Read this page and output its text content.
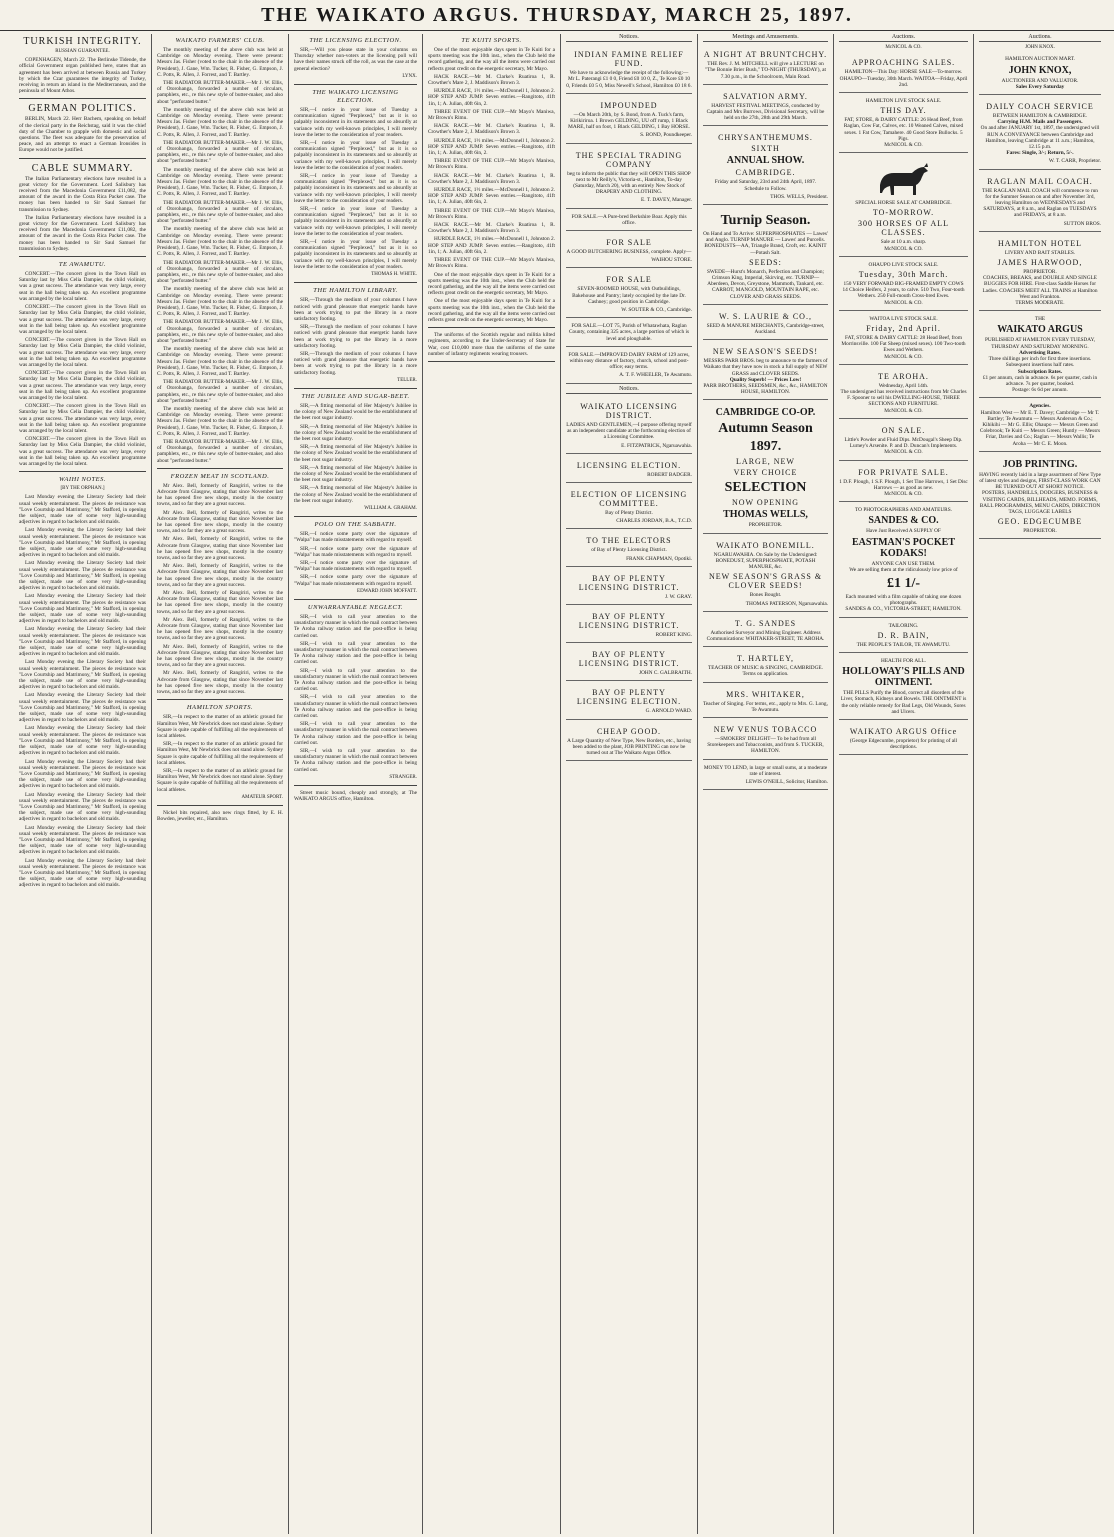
THE WAIKATO ARGUS. THURSDAY, MARCH 25, 1897.
TURKISH INTEGRITY.
RUSSIAN GUARANTEE.

COPENHAGEN, March 22. The Berlinske Tidende, the official Government organ published here, states that an agreement has been arrived at between Russia and Turkey by which the Czar guarantees the integrity of Turkey, receiving in return an island in the Mediterranean, and the peninsula of Mount Athos.

GERMAN POLITICS.

BERLIN, March 22. Herr Bachem, speaking on behalf of the clerical party in the Reichstag, said it was the chief duty of the Chamber to grapple with domestic and social questions. The fleet was adequate for the preservation of peace, and an attempt to enact a German Ironsides in Europe would not be justified.

CABLE SUMMARY.

The Italian Parliamentary elections have resulted in a great victory for the Government. Lord Salisbury has received from the Macedonia Government £11,082, the amount of the award in the Costa Rica Packet case. The money has been handed to Sir Saul Samuel for transmission to Sydney.

The Italian Parliamentary elections have resulted in a great victory for the Government. Lord Salisbury has received from the Macedonia Government £11,082, the amount of the award in the Costa Rica Packet case. The money has been handed to Sir Saul Samuel for transmission to Sydney.

TE AWAMUTU.

CONCERT.—The concert given in the Town Hall on Saturday last by Miss Celia Dampier, the child violinist, was a great success. The attendance was very large, every seat in the hall being taken up. An excellent programme was arranged by the local talent.

CONCERT.—The concert given in the Town Hall on Saturday last by Miss Celia Dampier, the child violinist, was a great success. The attendance was very large, every seat in the hall being taken up. An excellent programme was arranged by the local talent.

CONCERT.—The concert given in the Town Hall on Saturday last by Miss Celia Dampier, the child violinist, was a great success. The attendance was very large, every seat in the hall being taken up. An excellent programme was arranged by the local talent.

CONCERT.—The concert given in the Town Hall on Saturday last by Miss Celia Dampier, the child violinist, was a great success. The attendance was very large, every seat in the hall being taken up. An excellent programme was arranged by the local talent.

CONCERT.—The concert given in the Town Hall on Saturday last by Miss Celia Dampier, the child violinist, was a great success. The attendance was very large, every seat in the hall being taken up. An excellent programme was arranged by the local talent.

CONCERT.—The concert given in the Town Hall on Saturday last by Miss Celia Dampier, the child violinist, was a great success. The attendance was very large, every seat in the hall being taken up. An excellent programme was arranged by the local talent.

WAIHI NOTES.
[BY THE ORPHAN.]

Last Monday evening the Literary Society had their usual weekly entertainment. The pieces de resistance was "Love Courtship and Matrimony," Mr Stafford, in opening the subject, made use of some very high-sounding adjectives in regard to bachelors and old maids.

Last Monday evening the Literary Society had their usual weekly entertainment. The pieces de resistance was "Love Courtship and Matrimony," Mr Stafford, in opening the subject, made use of some very high-sounding adjectives in regard to bachelors and old maids.

Last Monday evening the Literary Society had their usual weekly entertainment. The pieces de resistance was "Love Courtship and Matrimony," Mr Stafford, in opening the subject, made use of some very high-sounding adjectives in regard to bachelors and old maids.

Last Monday evening the Literary Society had their usual weekly entertainment. The pieces de resistance was "Love Courtship and Matrimony," Mr Stafford, in opening the subject, made use of some very high-sounding adjectives in regard to bachelors and old maids.

Last Monday evening the Literary Society had their usual weekly entertainment. The pieces de resistance was "Love Courtship and Matrimony," Mr Stafford, in opening the subject, made use of some very high-sounding adjectives in regard to bachelors and old maids.

Last Monday evening the Literary Society had their usual weekly entertainment. The pieces de resistance was "Love Courtship and Matrimony," Mr Stafford, in opening the subject, made use of some very high-sounding adjectives in regard to bachelors and old maids.

Last Monday evening the Literary Society had their usual weekly entertainment. The pieces de resistance was "Love Courtship and Matrimony," Mr Stafford, in opening the subject, made use of some very high-sounding adjectives in regard to bachelors and old maids.

Last Monday evening the Literary Society had their usual weekly entertainment. The pieces de resistance was "Love Courtship and Matrimony," Mr Stafford, in opening the subject, made use of some very high-sounding adjectives in regard to bachelors and old maids.

Last Monday evening the Literary Society had their usual weekly entertainment. The pieces de resistance was "Love Courtship and Matrimony," Mr Stafford, in opening the subject, made use of some very high-sounding adjectives in regard to bachelors and old maids.

Last Monday evening the Literary Society had their usual weekly entertainment. The pieces de resistance was "Love Courtship and Matrimony," Mr Stafford, in opening the subject, made use of some very high-sounding adjectives in regard to bachelors and old maids.

Last Monday evening the Literary Society had their usual weekly entertainment. The pieces de resistance was "Love Courtship and Matrimony," Mr Stafford, in opening the subject, made use of some very high-sounding adjectives in regard to bachelors and old maids.

Last Monday evening the Literary Society had their usual weekly entertainment. The pieces de resistance was "Love Courtship and Matrimony," Mr Stafford, in opening the subject, made use of some very high-sounding adjectives in regard to bachelors and old maids.

WAIKATO FARMERS' CLUB.

The monthly meeting of the above club was held at Cambridge on Monday evening. There were present: Messrs Jas. Fisher (voted to the chair in the absence of the President), J. Gane, Wm. Tucker, R. Fisher, G. Empson, J. C. Potts, R. Allen, J. Forrest, and T. Bartley.

THE RADIATOR BUTTER-MAKER.—Mr J. W. Ellis, of Otorohanga, forwarded a number of circulars, pamphlets, etc., re this new style of butter-maker, and also about "perforated butter."

The monthly meeting of the above club was held at Cambridge on Monday evening. There were present: Messrs Jas. Fisher (voted to the chair in the absence of the President), J. Gane, Wm. Tucker, R. Fisher, G. Empson, J. C. Potts, R. Allen, J. Forrest, and T. Bartley.

THE RADIATOR BUTTER-MAKER.—Mr J. W. Ellis, of Otorohanga, forwarded a number of circulars, pamphlets, etc., re this new style of butter-maker, and also about "perforated butter."

The monthly meeting of the above club was held at Cambridge on Monday evening. There were present: Messrs Jas. Fisher (voted to the chair in the absence of the President), J. Gane, Wm. Tucker, R. Fisher, G. Empson, J. C. Potts, R. Allen, J. Forrest, and T. Bartley.

THE RADIATOR BUTTER-MAKER.—Mr J. W. Ellis, of Otorohanga, forwarded a number of circulars, pamphlets, etc., re this new style of butter-maker, and also about "perforated butter."

The monthly meeting of the above club was held at Cambridge on Monday evening. There were present: Messrs Jas. Fisher (voted to the chair in the absence of the President), J. Gane, Wm. Tucker, R. Fisher, G. Empson, J. C. Potts, R. Allen, J. Forrest, and T. Bartley.

THE RADIATOR BUTTER-MAKER.—Mr J. W. Ellis, of Otorohanga, forwarded a number of circulars, pamphlets, etc., re this new style of butter-maker, and also about "perforated butter."

The monthly meeting of the above club was held at Cambridge on Monday evening. There were present: Messrs Jas. Fisher (voted to the chair in the absence of the President), J. Gane, Wm. Tucker, R. Fisher, G. Empson, J. C. Potts, R. Allen, J. Forrest, and T. Bartley.

THE RADIATOR BUTTER-MAKER.—Mr J. W. Ellis, of Otorohanga, forwarded a number of circulars, pamphlets, etc., re this new style of butter-maker, and also about "perforated butter."

The monthly meeting of the above club was held at Cambridge on Monday evening. There were present: Messrs Jas. Fisher (voted to the chair in the absence of the President), J. Gane, Wm. Tucker, R. Fisher, G. Empson, J. C. Potts, R. Allen, J. Forrest, and T. Bartley.

THE RADIATOR BUTTER-MAKER.—Mr J. W. Ellis, of Otorohanga, forwarded a number of circulars, pamphlets, etc., re this new style of butter-maker, and also about "perforated butter."

The monthly meeting of the above club was held at Cambridge on Monday evening. There were present: Messrs Jas. Fisher (voted to the chair in the absence of the President), J. Gane, Wm. Tucker, R. Fisher, G. Empson, J. C. Potts, R. Allen, J. Forrest, and T. Bartley.

THE RADIATOR BUTTER-MAKER.—Mr J. W. Ellis, of Otorohanga, forwarded a number of circulars, pamphlets, etc., re this new style of butter-maker, and also about "perforated butter."

FROZEN MEAT IN SCOTLAND.

Mr Alex. Bell, formerly of Rangiriri, writes to the Advocate from Glasgow, stating that since November last he has opened five new shops, mostly in the country towns, and so far they are a great success.

Mr Alex. Bell, formerly of Rangiriri, writes to the Advocate from Glasgow, stating that since November last he has opened five new shops, mostly in the country towns, and so far they are a great success.

Mr Alex. Bell, formerly of Rangiriri, writes to the Advocate from Glasgow, stating that since November last he has opened five new shops, mostly in the country towns, and so far they are a great success.

Mr Alex. Bell, formerly of Rangiriri, writes to the Advocate from Glasgow, stating that since November last he has opened five new shops, mostly in the country towns, and so far they are a great success.

Mr Alex. Bell, formerly of Rangiriri, writes to the Advocate from Glasgow, stating that since November last he has opened five new shops, mostly in the country towns, and so far they are a great success.

Mr Alex. Bell, formerly of Rangiriri, writes to the Advocate from Glasgow, stating that since November last he has opened five new shops, mostly in the country towns, and so far they are a great success.

Mr Alex. Bell, formerly of Rangiriri, writes to the Advocate from Glasgow, stating that since November last he has opened five new shops, mostly in the country towns, and so far they are a great success.

Mr Alex. Bell, formerly of Rangiriri, writes to the Advocate from Glasgow, stating that since November last he has opened five new shops, mostly in the country towns, and so far they are a great success.

HAMILTON SPORTS.

SIR,—In respect to the matter of an athletic ground for Hamilton West, Mr Newbrick does not stand alone. Sydney Square is quite capable of fulfilling all the requirements of local athletes.

SIR,—In respect to the matter of an athletic ground for Hamilton West, Mr Newbrick does not stand alone. Sydney Square is quite capable of fulfilling all the requirements of local athletes.

SIR,—In respect to the matter of an athletic ground for Hamilton West, Mr Newbrick does not stand alone. Sydney Square is quite capable of fulfilling all the requirements of local athletes.

AMATEUR SPORT.

Nickel bits repaired, also new rings fitted, by E. H. Bowden, jeweller, etc., Hamilton.

THE LICENSING ELECTION.

SIR,—Will you please state in your columns on Thursday whether non-voters at the licensing poll will have their names struck off the roll, as was the case at the general election?

LYNX.
THE WAIKATO LICENSING ELECTION.

SIR,—I notice in your issue of Tuesday a communication signed "Perplexed," but as it is so palpably inconsistent in its statements and so absurdly at variance with my well-known principles, I will merely leave the letter to the consideration of your readers.

SIR,—I notice in your issue of Tuesday a communication signed "Perplexed," but as it is so palpably inconsistent in its statements and so absurdly at variance with my well-known principles, I will merely leave the letter to the consideration of your readers.

SIR,—I notice in your issue of Tuesday a communication signed "Perplexed," but as it is so palpably inconsistent in its statements and so absurdly at variance with my well-known principles, I will merely leave the letter to the consideration of your readers.

SIR,—I notice in your issue of Tuesday a communication signed "Perplexed," but as it is so palpably inconsistent in its statements and so absurdly at variance with my well-known principles, I will merely leave the letter to the consideration of your readers.

SIR,—I notice in your issue of Tuesday a communication signed "Perplexed," but as it is so palpably inconsistent in its statements and so absurdly at variance with my well-known principles, I will merely leave the letter to the consideration of your readers.

THOMAS H. WHITE.
THE HAMILTON LIBRARY.

SIR,—Through the medium of your columns I have noticed with grand pleasure that energetic hands have been at work trying to put the library in a more satisfactory footing.

SIR,—Through the medium of your columns I have noticed with grand pleasure that energetic hands have been at work trying to put the library in a more satisfactory footing.

SIR,—Through the medium of your columns I have noticed with grand pleasure that energetic hands have been at work trying to put the library in a more satisfactory footing.

TELLER.
THE JUBILEE AND SUGAR-BEET.

SIR,—A fitting memorial of Her Majesty's Jubilee in the colony of New Zealand would be the establishment of the beet root sugar industry.

SIR,—A fitting memorial of Her Majesty's Jubilee in the colony of New Zealand would be the establishment of the beet root sugar industry.

SIR,—A fitting memorial of Her Majesty's Jubilee in the colony of New Zealand would be the establishment of the beet root sugar industry.

SIR,—A fitting memorial of Her Majesty's Jubilee in the colony of New Zealand would be the establishment of the beet root sugar industry.

SIR,—A fitting memorial of Her Majesty's Jubilee in the colony of New Zealand would be the establishment of the beet root sugar industry.

WILLIAM A. GRAHAM.
POLO ON THE SABBATH.

SIR,—I notice some party over the signature of "Walpa" has made misstatements with regard to myself.

SIR,—I notice some party over the signature of "Walpa" has made misstatements with regard to myself.

SIR,—I notice some party over the signature of "Walpa" has made misstatements with regard to myself.

SIR,—I notice some party over the signature of "Walpa" has made misstatements with regard to myself.

EDWARD JOHN MOFFATT.
UNWARRANTABLE NEGLECT.

SIR,—I wish to call your attention to the unsatisfactory manner in which the mail contract between Te Aroha railway station and the post-office is being carried out.

SIR,—I wish to call your attention to the unsatisfactory manner in which the mail contract between Te Aroha railway station and the post-office is being carried out.

SIR,—I wish to call your attention to the unsatisfactory manner in which the mail contract between Te Aroha railway station and the post-office is being carried out.

SIR,—I wish to call your attention to the unsatisfactory manner in which the mail contract between Te Aroha railway station and the post-office is being carried out.

SIR,—I wish to call your attention to the unsatisfactory manner in which the mail contract between Te Aroha railway station and the post-office is being carried out.

SIR,—I wish to call your attention to the unsatisfactory manner in which the mail contract between Te Aroha railway station and the post-office is being carried out.

STRANGER.

Street music bound, cheaply and strongly, at The WAIKATO ARGUS office, Hamilton.

TE KUITI SPORTS.

One of the most enjoyable days spent in Te Kuiti for a sports meeting was the 10th inst., when the Club held the record gathering, and the way all the items were carried out reflects great credit on the energetic secretary, Mr Mayo.

HACK RACE.—Mr M. Clarke's Ruatiroa 1, R. Crowther's Mare 2, J. Maddison's Brown 3.

HURDLE RACE, 1½ miles.—McDonnell 1, Johnston 2. HOP STEP AND JUMP. Seven entries.—Rangitoto, 41ft 1in, 1; A. Julian, 40ft 6in, 2.

THREE EVENT OF THE CUP.—Mr Mayo's Maniwa, Mr Brown's Rimu.

HACK RACE.—Mr M. Clarke's Ruatiroa 1, R. Crowther's Mare 2, J. Maddison's Brown 3.

HURDLE RACE, 1½ miles.—McDonnell 1, Johnston 2. HOP STEP AND JUMP. Seven entries.—Rangitoto, 41ft 1in, 1; A. Julian, 40ft 6in, 2.

THREE EVENT OF THE CUP.—Mr Mayo's Maniwa, Mr Brown's Rimu.

HACK RACE.—Mr M. Clarke's Ruatiroa 1, R. Crowther's Mare 2, J. Maddison's Brown 3.

HURDLE RACE, 1½ miles.—McDonnell 1, Johnston 2. HOP STEP AND JUMP. Seven entries.—Rangitoto, 41ft 1in, 1; A. Julian, 40ft 6in, 2.

THREE EVENT OF THE CUP.—Mr Mayo's Maniwa, Mr Brown's Rimu.

HACK RACE.—Mr M. Clarke's Ruatiroa 1, R. Crowther's Mare 2, J. Maddison's Brown 3.

HURDLE RACE, 1½ miles.—McDonnell 1, Johnston 2. HOP STEP AND JUMP. Seven entries.—Rangitoto, 41ft 1in, 1; A. Julian, 40ft 6in, 2.

THREE EVENT OF THE CUP.—Mr Mayo's Maniwa, Mr Brown's Rimu.

One of the most enjoyable days spent in Te Kuiti for a sports meeting was the 10th inst., when the Club held the record gathering, and the way all the items were carried out reflects great credit on the energetic secretary, Mr Mayo.

One of the most enjoyable days spent in Te Kuiti for a sports meeting was the 10th inst., when the Club held the record gathering, and the way all the items were carried out reflects great credit on the energetic secretary, Mr Mayo.

The uniforms of the Scottish regular and militia kilted regiments, according to the Under-Secretary of State for War, cost £10,000 more than the uniforms of the same number of infantry regiments wearing trousers.

Notices.
INDIAN FAMINE RELIEF FUND.
We have to acknowledge the receipt of the following:— Mr L. Paterangi £1 0 0, Friend £0 10 0, Z., Te Kore £0 10 0, Friends £0 5 0, Miss Newell's School, Hamilton £0 18 6.
IMPOUNDED
—On March 20th, by S. Bond, from A. Tuck's farm, Kirikiriroa. 1 Brown GELDING, UU off rump, 1 Black MARE, half on foot, 1 Black GELDING, 1 Bay HORSE.
S. BOND, Poundkeeper.
THE SPECIAL TRADING COMPANY
beg to inform the public that they will OPEN THIS SHOP next to Mr Reilly's, Victoria-st., Hamilton, To-day (Saturday, March 20), with an entirely New Stock of DRAPERY AND CLOTHING.
E. T. DAVEY, Manager.
FOR SALE.—A Pure-bred Berkshire Boar. Apply this office.
FOR SALE
A GOOD BUTCHERING BUSINESS, complete. Apply—
WAIHOU STORE.
FOR SALE
SEVEN-ROOMED HOUSE, with Outbuildings, Bakehouse and Pantry; lately occupied by the late Dr. Cashney; good position in Cambridge.
W. SOUTER & CO., Cambridge.
FOR SALE.—LOT 75, Parish of Whatawhata, Raglan County, containing 325 acres, a large portion of which is level and ploughable.
FOR SALE.—IMPROVED DAIRY FARM of 129 acres, within easy distance of factory, church, school and post-office; easy terms.
A. T. F. WHEELER, Te Awamutu.
Notices.
WAIKATO LICENSING DISTRICT.
LADIES AND GENTLEMEN,—I purpose offering myself as an independent candidate at the forthcoming election of a Licensing Committee.
E. FITZPATRICK, Ngaruawahia.
LICENSING ELECTION.
ROBERT BADGER.
ELECTION OF LICENSING COMMITTEE.
Bay of Plenty District.
CHARLES JORDAN, B.A., T.C.D.
TO THE ELECTORS
of Bay of Plenty Licensing District.
FRANK CHAPMAN, Opotiki.
BAY OF PLENTY LICENSING DISTRICT.
J. W. GRAY.
BAY OF PLENTY LICENSING DISTRICT.
ROBERT KING.
BAY OF PLENTY LICENSING DISTRICT.
JOHN C. GALBRAITH.
BAY OF PLENTY LICENSING ELECTION.
G. ARNOLD WARD.
CHEAP GOOD.
A Large Quantity of New Type, New Borders, etc., having been added to the plant, JOB PRINTING can now be turned out at The Waikato Argus Office.
Meetings and Amusements.
A NIGHT AT BRUNTCHCHY.
THE Rev. J. M. MITCHELL will give a LECTURE on "The Bonnie Brier Bush," TO-NIGHT (THURSDAY), at 7.30 p.m., in the Schoolroom, Main Road.
SALVATION ARMY.
HARVEST FESTIVAL MEETINGS, conducted by Captain and Mrs Burrows, Divisional Secretary, will be held on the 27th, 28th and 29th March.
CHRYSANTHEMUMS.
SIXTH
ANNUAL SHOW.
CAMBRIDGE.
Friday and Saturday, 23rd and 24th April, 1897.
Schedule to Follow.
THOS. WELLS, President.
Turnip Season.
On Hand and To Arrive: SUPERPHOSPHATES — Lawes' and Anglo. TURNIP MANURE — Lawes' and Purcells. BONEDUSTS—AA, Triangle Brand, Croft, etc. KAINIT—Potash Salt.
SEEDS:
SWEDE—Hurst's Monarch, Perfection and Champion; Crimson King, Imperial, Skirving, etc. TURNIP—Aberdeen, Devon, Greystone, Mammoth, Tankard, etc. CARROT, MANGOLD, MOUNTAIN RAPE, etc. CLOVER AND GRASS SEEDS.
W. S. LAURIE & CO.,
SEED & MANURE MERCHANTS, Cambridge-street, Auckland.
NEW SEASON'S SEEDS!
MESSRS PARR BROS. beg to announce to the farmers of Waikato that they have now in stock a full supply of NEW GRASS and CLOVER SEEDS.
Quality Superb! — Prices Low!
PARR BROTHERS, SEEDSMEN, &c., &c., HAMILTON HOUSE, HAMILTON.
CAMBRIDGE CO-OP.
Autumn Season
1897.
LARGE, NEW
VERY CHOICE
SELECTION
NOW OPENING
THOMAS WELLS,
PROPRIETOR.
WAIKATO BONEMILL.
NGARUAWAHIA. On Sale by the Undersigned: BONEDUST, SUPERPHOSPHATE, POTASH MANURE, &c.
NEW SEASON'S GRASS & CLOVER SEEDS!
Bones Bought.
THOMAS PATERSON, Ngaruawahia.
T. G. SANDES
Authorised Surveyor and Mining Engineer. Address Communications: WHITAKER-STREET, TE AROHA.
T. HARTLEY,
TEACHER OF MUSIC & SINGING, CAMBRIDGE. Terms on application.
MRS. WHITAKER,
Teacher of Singing. For terms, etc., apply to Mrs. G. Long, Te Awamutu.
NEW VENUS TOBACCO
—SMOKERS' DELIGHT— To be had from all Storekeepers and Tobacconists, and from S. TUCKER, HAMILTON.
MONEY TO LEND, in large or small sums, at a moderate rate of interest.
LEWIS O'NEILL, Solicitor, Hamilton.
Auctions.
McNICOL & CO.
APPROACHING SALES.
HAMILTON—This Day: HORSE SALE—To-morrow. OHAUPO—Tuesday, 30th March. WAITOA—Friday, April 2nd.
HAMILTON LIVE STOCK SALE.
THIS DAY.
FAT, STORE, & DAIRY CATTLE: 26 Head Beef, from Raglan, Cow Fat, Calves, etc. 10 Weaned Calves, mixed sexes. 1 Fat Cow, Tamahere. 40 Good Store Bullocks. 5 Pigs.
McNICOL & CO.
SPECIAL HORSE SALE AT CAMBRIDGE.
TO-MORROW.
300 HORSES OF ALL CLASSES.
Sale at 10 a.m. sharp.
McNICOL & CO.
OHAUPO LIVE STOCK SALE.
Tuesday, 30th March.
150 VERY FORWARD BIG-FRAMED EMPTY COWS
14 Choice Heifers, 2 years, to calve. 510 Two, Four-tooth Wethers. 250 Full-mouth Cross-bred Ewes.
McNICOL & CO.
WAITOA LIVE STOCK SALE.
Friday, 2nd April.
FAT, STORE & DAIRY CATTLE: 28 Head Beef, from Morrinsville. 100 Fat Sheep (mixed sexes). 100 Two-tooth Ewes and Wethers.
McNICOL & CO.
TE AROHA.
Wednesday, April 14th.
The undersigned has received instructions from Mr Charles F. Spooner to sell his DWELLING-HOUSE, THREE SECTIONS AND FURNITURE.
McNICOL & CO.
ON SALE.
Little's Powder and Fluid Dips. McDougal's Sheep Dip. Lurney's Arsenite. P. and D. Duncan's Implements.
McNICOL & CO.
FOR PRIVATE SALE.
1 D.F. Plough, 1 S.F. Plough, 1 Set Tine Harrows, 1 Set Disc Harrows — as good as new.
McNICOL & CO.
TO PHOTOGRAPHERS AND AMATEURS.
SANDES & CO.
Have Just Received A SUPPLY OF
EASTMAN'S POCKET KODAKS!
ANYONE CAN USE THEM.
We are selling them at the ridiculously low price of
£1 1/-
Each mounted with a film capable of taking one dozen photographs.
SANDES & CO., VICTORIA-STREET, HAMILTON.
TAILORING.
D. R. BAIN,
THE PEOPLE'S TAILOR, TE AWAMUTU.
HEALTH FOR ALL.
HOLLOWAY'S PILLS AND OINTMENT.
THE PILLS Purify the Blood, correct all disorders of the Liver, Stomach, Kidneys and Bowels. THE OINTMENT is the only reliable remedy for Bad Legs, Old Wounds, Sores and Ulcers.
WAIKATO ARGUS Office
(George Edgecumbe, proprietor) for printing of all descriptions.
Auctions.
JOHN KNOX.
HAMILTON AUCTION MART.
JOHN KNOX,
AUCTIONEER AND VALUATOR.
Sales Every Saturday
DAILY COACH SERVICE
BETWEEN HAMILTON & CAMBRIDGE.
Carrying H.M. Mails and Passengers.
On and after JANUARY 1st, 1897, the undersigned will RUN A CONVEYANCE between Cambridge and Hamilton, leaving Cambridge at 11 a.m.; Hamilton, 12.15 p.m.
Fares: Single, 3/-; Return, 5/-.
W. T. CARR, Proprietor.
RAGLAN MAIL COACH.
THE RAGLAN MAIL COACH will commence to run for the Summer Season on and after November 3rd, leaving Hamilton on WEDNESDAYS and SATURDAYS, at 8 a.m., and Raglan on TUESDAYS and FRIDAYS, at 8 a.m.
SUTTON BROS.
HAMILTON HOTEL
LIVERY AND BAIT STABLES.
JAMES HARWOOD,
PROPRIETOR.
COACHES, BREAKS, and DOUBLE AND SINGLE BUGGIES FOR HIRE. First-class Saddle Horses for Ladies. COACHES MEET ALL TRAINS at Hamilton West and Frankton.
TERMS MODERATE.
THE
WAIKATO ARGUS
PUBLISHED AT HAMILTON EVERY TUESDAY, THURSDAY AND SATURDAY MORNING.
Advertising Rates.
Three shillings per inch for first three insertions. Subsequent insertions half rates.
Subscription Rates.
£1 per annum, cash in advance. 6s per quarter, cash in advance. 7s per quarter, booked.
Postage: 6s 6d per annum.
Agencies.
Hamilton West — Mr E. T. Davey; Cambridge — Mr T. Bartley; Te Awamutu — Messrs Anderson & Co.; Kihikihi — Mr G. Ellis; Ohaupo — Messrs Green and Colebrook; Te Kuiti — Messrs Green; Huntly — Messrs Friar, Davies and Co.; Raglan — Messrs Wallis; Te Aroha — Mr C. E. Moon.
JOB PRINTING.
HAVING recently laid in a large assortment of New Type of latest styles and designs, FIRST-CLASS WORK CAN BE TURNED OUT AT SHORT NOTICE.
POSTERS, HANDBILLS, DODGERS, BUSINESS & VISITING CARDS, BILLHEADS, MEMO. FORMS, BALL PROGRAMMES, MENU CARDS, DIRECTION TAGS, LUGGAGE LABELS
GEO. EDGECUMBE
PROPRIETOR.
